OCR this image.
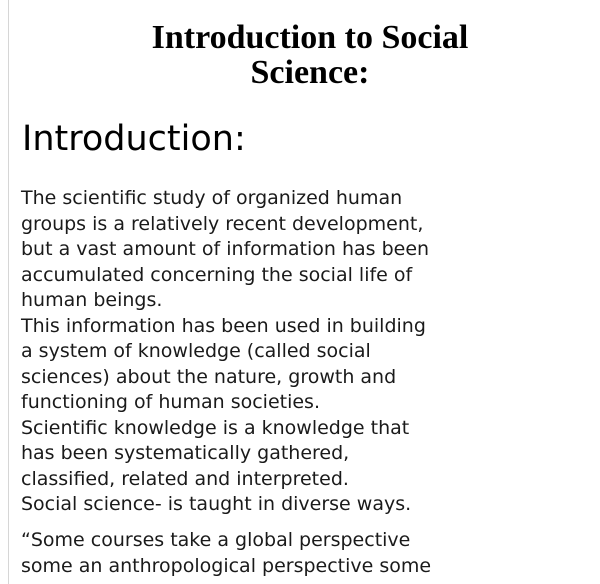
Introduction to Social
Science:
Introduction:

The scientific study of organized human
groups is a relatively recent development,
but a vast amount of information has been
accumulated concerning the social life of
human beings.
This information has been used in building
a system of knowledge (called social
sciences) about the nature, growth and
functioning of human societies.
Scientific knowledge is a knowledge that
has been systematically gathered,
classified, related and interpreted.
Social science- is taught in diverse ways.

“Some courses take a global perspective
some an anthropological perspective some
